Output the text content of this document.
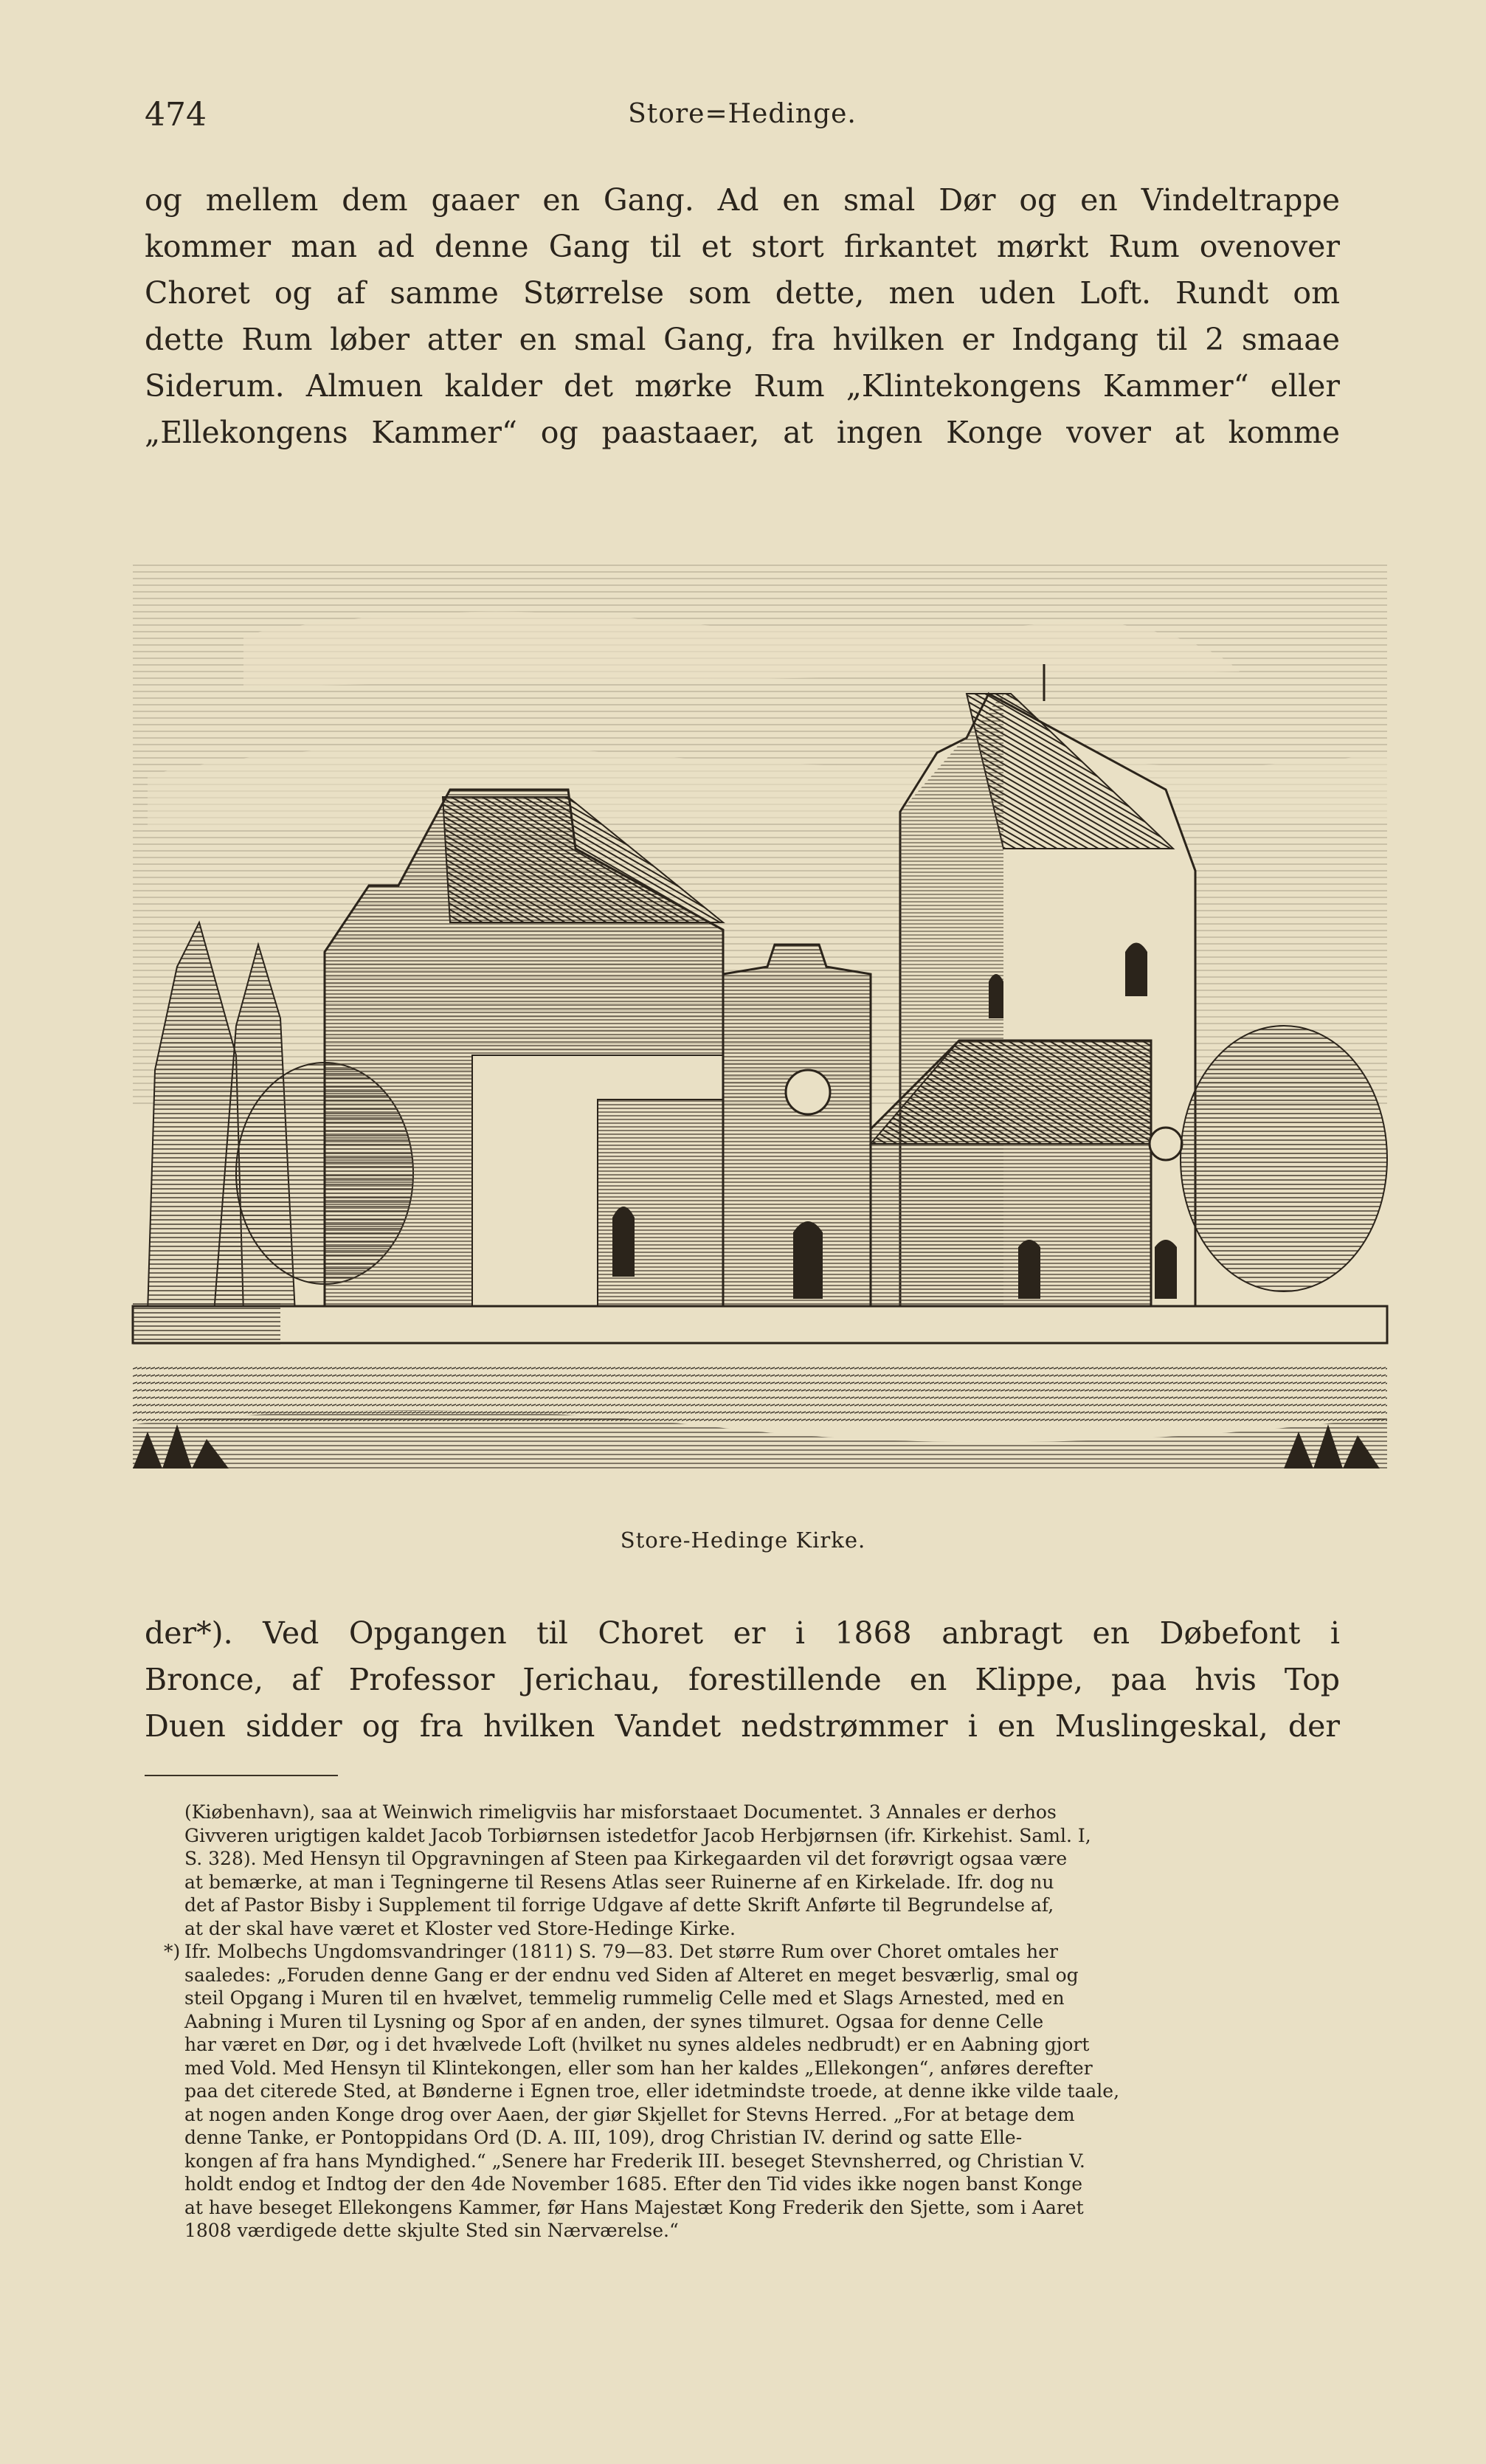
474	Store=Hedinge.
og mellem dem gaaer en Gang. Ad en smal Dør og en Vindeltrappe
kommer man ad denne Gang til et stort firkantet mørkt Rum ovenover
Choret og af samme Størrelse som dette, men uden Loft. Rundt om
dette Rum løber atter en smal Gang, fra hvilken er Indgang til 2 smaae
Siderum. Almuen kalder det mørke Rum „Klintekongens Kammer“ eller
„Ellekongens Kammer“ og paastaaer, at ingen Konge vover at komme
Store-Hedinge Kirke.
der*). Ved Opgangen til Choret er i 1868 anbragt en Døbefont i
Bronce, af Professor Jerichau, forestillende en Klippe, paa hvis Top
Duen sidder og fra hvilken Vandet nedstrømmer i en Muslingeskal, der
(Kiøbenhavn), saa at Weinwich rimeligviis har misforstaaet Documentet. 3 Annales er derhos
Givveren urigtigen kaldet Jacob Torbiørnsen istedetfor Jacob Herbjørnsen (ifr. Kirkehist. Saml. I,
S. 328). Med Hensyn til Opgravningen af Steen paa Kirkegaarden vil det forøvrigt ogsaa være
at bemærke, at man i Tegningerne til Resens Atlas seer Ruinerne af en Kirkelade. Ifr. dog nu
det af Pastor Bisby i Supplement til forrige Udgave af dette Skrift Anførte til Begrundelse af,
at der skal have været et Kloster ved Store-Hedinge Kirke.
*) Ifr. Molbechs Ungdomsvandringer (1811) S. 79—83. Det større Rum over Choret omtales her
saaledes: „Foruden denne Gang er der endnu ved Siden af Alteret en meget besværlig, smal og
steil Opgang i Muren til en hvælvet, temmelig rummelig Celle med et Slags Arnested, med en
Aabning i Muren til Lysning og Spor af en anden, der synes tilmuret. Ogsaa for denne Celle
har været en Dør, og i det hvælvede Loft (hvilket nu synes aldeles nedbrudt) er en Aabning gjort
med Vold. Med Hensyn til Klintekongen, eller som han her kaldes „Ellekongen“, anføres derefter
paa det citerede Sted, at Bønderne i Egnen troe, eller idetmindste troede, at denne ikke vilde taale,
at nogen anden Konge drog over Aaen, der giør Skjellet for Stevns Herred. „For at betage dem
denne Tanke, er Pontoppidans Ord (D. A. III, 109), drog Christian IV. derind og satte Elle-
kongen af fra hans Myndighed.“ „Senere har Frederik III. beseget Stevnsherred, og Christian V.
holdt endog et Indtog der den 4de November 1685. Efter den Tid vides ikke nogen banst Konge
at have beseget Ellekongens Kammer, før Hans Majestæt Kong Frederik den Sjette, som i Aaret
1808 værdigede dette skjulte Sted sin Nærværelse.“
